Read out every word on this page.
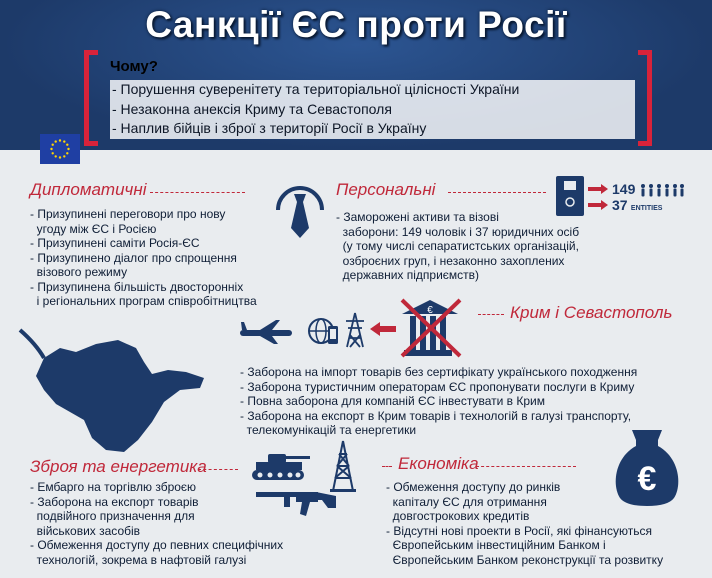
Санкції ЄС проти Росії
Чому?
- Порушення суверенітету та територіальної цілісності України
- Незаконна анексія Криму та Севастополя
- Наплив бійців і зброї з території Росії в Україну
Дипломатичні
- Призупинені переговори про нову
угоду між ЄС і Росією
- Призупинені саміти Росія-ЄС
- Призупинено діалог про спрощення
візового режиму
- Призупинена більшість двосторонніх
і регіональних програм співробітництва
Персональні
- Заморожені активи та візові
заборони: 149 чоловік і 37 юридичних осіб
(у тому числі сепаратистських організацій,
озброєних груп, і незаконно захоплених
державних підприємств)
149
37 ENTITIES
€	Крим і Севастополь
- Заборона на імпорт товарів без сертифікату українського походження
- Заборона туристичним операторам ЄС пропонувати послуги в Криму
- Повна заборона для компаній ЄС інвестувати в Крим
- Заборона на експорт в Крим товарів і технологій в галузі транспорту,
телекомунікацій та енергетики
Зброя та енергетика
- Ембарго на торгівлю зброєю
- Заборона на експорт товарів
подвійного призначення для
військових засобів
- Обмеження доступу до певних специфічних
технологій, зокрема в нафтовій галузі
Економіка
- Обмеження доступу до ринків
капіталу ЄС для отримання
довгострокових кредитів
- Відсутні нові проекти в Росії, які фінансуються
Європейським інвестиційним Банком і
Європейським Банком реконструкції та розвитку
€
